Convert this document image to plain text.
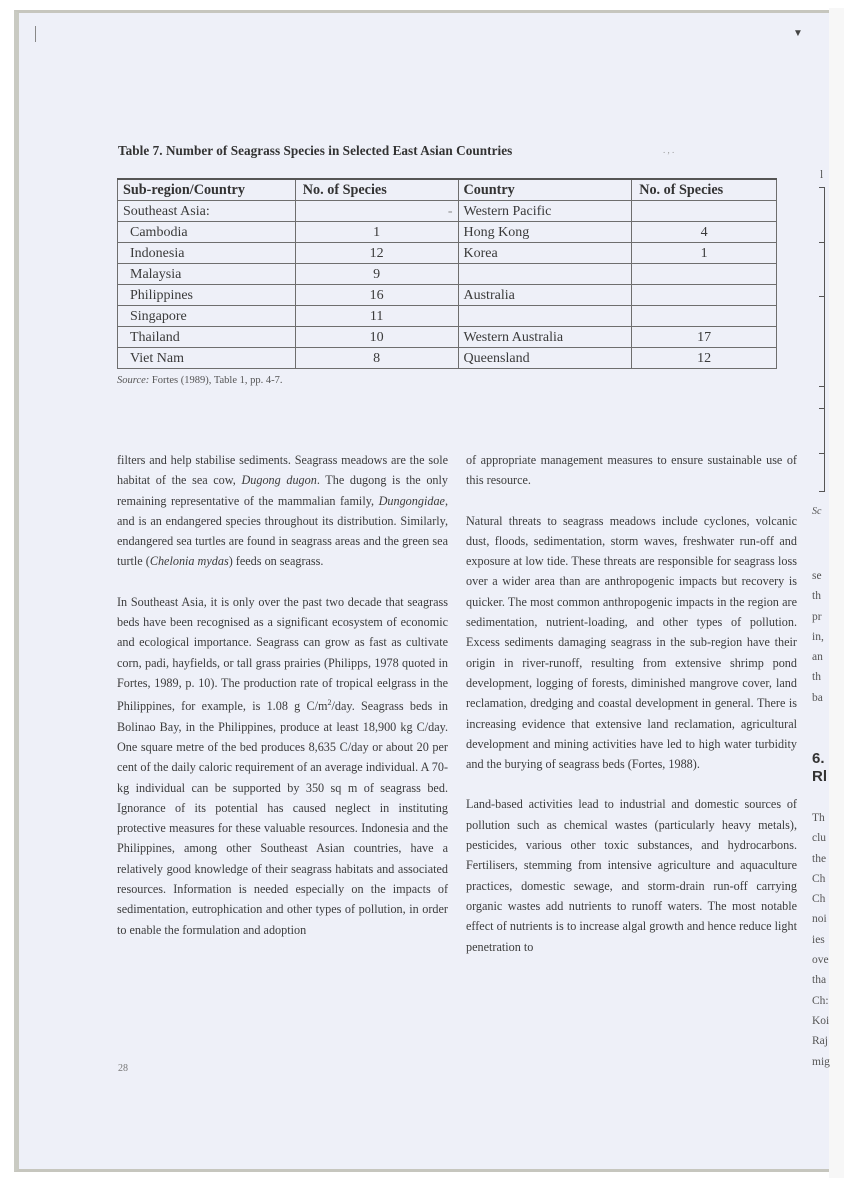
▼
Table 7. Number of Seagrass Species in Selected East Asian Countries	. , .
Sub-region/Country	No. of Species	Country	No. of Species
Southeast Asia:	-	Western Pacific	
Cambodia	1	Hong Kong	4
Indonesia	12	Korea	1
Malaysia	9		
Philippines	16	Australia	
Singapore	11		
Thailand	10	Western Australia	17
Viet Nam	8	Queensland	12
Source: Fortes (1989), Table 1, pp. 4-7.

filters and help stabilise sediments. Seagrass meadows are the sole habitat of the sea cow, Dugong dugon. The dugong is the only remaining representative of the mammalian family, Dungongidae, and is an endangered species throughout its distribution. Similarly, endangered sea turtles are found in seagrass areas and the green sea turtle (Chelonia mydas) feeds on seagrass.

In Southeast Asia, it is only over the past two decade that seagrass beds have been recognised as a significant ecosystem of economic and ecological importance. Seagrass can grow as fast as cultivate corn, padi, hayfields, or tall grass prairies (Philipps, 1978 quoted in Fortes, 1989, p. 10). The production rate of tropical eelgrass in the Philippines, for example, is 1.08 g $C/m^2$/day. Seagrass beds in Bolinao Bay, in the Philippines, produce at least 18,900 kg C/day. One square metre of the bed produces 8,635 C/day or about 20 per cent of the daily caloric requirement of an average individual. A 70-kg individual can be supported by 350 sq m of seagrass bed. Ignorance of its potential has caused neglect in instituting protective measures for these valuable resources. Indonesia and the Philippines, among other Southeast Asian countries, have a relatively good knowledge of their seagrass habitats and associated resources. Information is needed especially on the impacts of sedimentation, eutrophication and other types of pollution, in order to enable the formulation and adoption

of appropriate management measures to ensure sustainable use of this resource.

Natural threats to seagrass meadows include cyclones, volcanic dust, floods, sedimentation, storm waves, freshwater run-off and exposure at low tide. These threats are responsible for seagrass loss over a wider area than are anthropogenic impacts but recovery is quicker. The most common anthropogenic impacts in the region are sedimentation, nutrient-loading, and other types of pollution. Excess sediments damaging seagrass in the sub-region have their origin in river-runoff, resulting from extensive shrimp pond development, logging of forests, diminished mangrove cover, land reclamation, dredging and coastal development in general. There is increasing evidence that extensive land reclamation, agricultural development and mining activities have led to high water turbidity and the burying of seagrass beds (Fortes, 1988).

Land-based activities lead to industrial and domestic sources of pollution such as chemical wastes (particularly heavy metals), pesticides, various other toxic substances, and hydrocarbons. Fertilisers, stemming from intensive agriculture and aquaculture practices, domestic sewage, and storm-drain run-off carrying organic wastes add nutrients to runoff waters. The most notable effect of nutrients is to increase algal growth and hence reduce light penetration to

28
l
Sc
se
th
pr
in,
an
th
ba
6.
Rl
Th
clu
the
Ch
Ch
noi
ies
ove
tha
Ch:
Koi
Raj
mig
